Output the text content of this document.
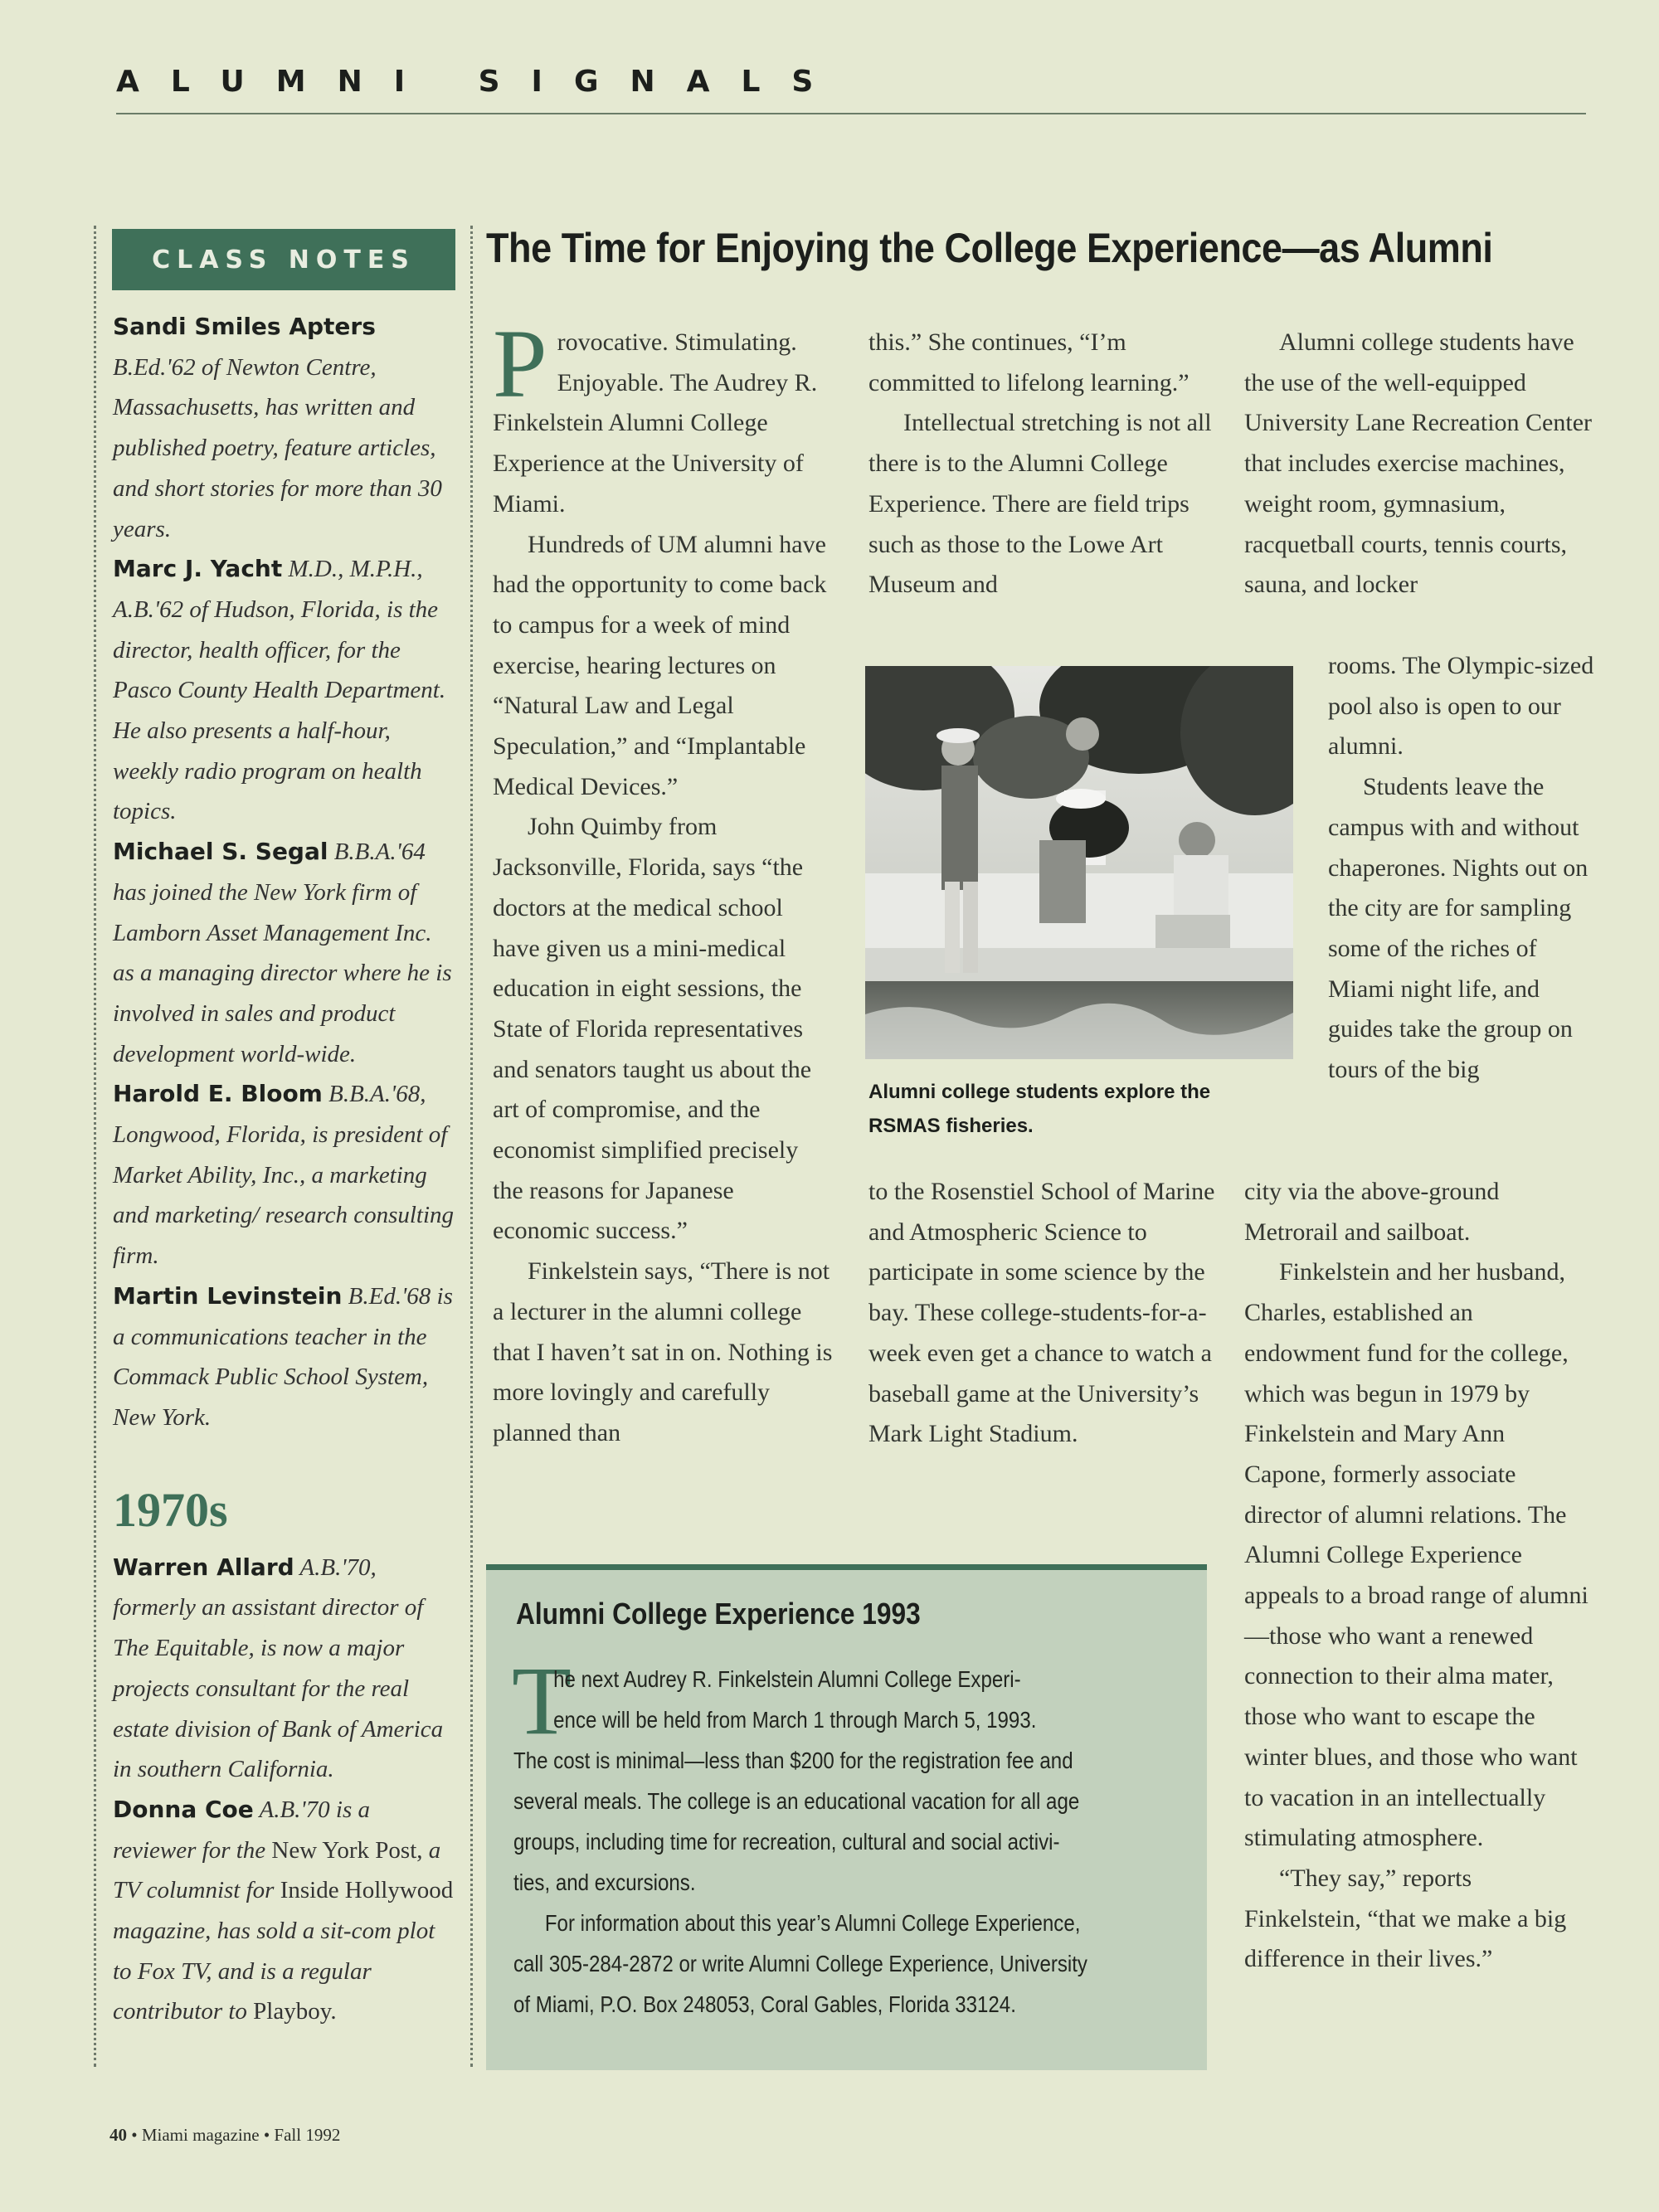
ALUMNI SIGNALS
CLASS NOTES
Sandi Smiles Apters
B.Ed.'62 of Newton Centre, Massachusetts, has written and published poetry, feature articles, and short stories for more than 30 years.
Marc J. Yacht M.D., M.P.H., A.B.'62 of Hudson, Florida, is the director, health officer, for the Pasco County Health Department. He also presents a half-hour, weekly radio program on health topics.
Michael S. Segal B.B.A.'64 has joined the New York firm of Lamborn Asset Management Inc. as a managing director where he is involved in sales and product development world-wide.
Harold E. Bloom B.B.A.'68, Longwood, Florida, is president of Market Ability, Inc., a marketing and marketing/ research consulting firm.
Martin Levinstein B.Ed.'68 is a communications teacher in the Commack Public School System, New York.
1970s
Warren Allard A.B.'70, formerly an assistant director of The Equitable, is now a major projects consultant for the real estate division of Bank of America in southern California.
Donna Coe A.B.'70 is a reviewer for the New York Post, a TV columnist for Inside Hollywood magazine, has sold a sit-com plot to Fox TV, and is a regular contributor to Playboy.
The Time for Enjoying the College Experience—as Alumni

Provocative. Stimulating. Enjoyable. The Audrey R. Finkelstein Alumni College Experience at the University of Miami.

Hundreds of UM alumni have had the opportunity to come back to campus for a week of mind exercise, hearing lectures on “Natural Law and Legal Speculation,” and “Implantable Medical Devices.”

John Quimby from Jacksonville, Florida, says “the doctors at the medical school have given us a mini-medical education in eight sessions, the State of Florida representatives and senators taught us about the art of compromise, and the economist simplified precisely the reasons for Japanese economic success.”

Finkelstein says, “There is not a lecturer in the alumni college that I haven’t sat in on. Nothing is more lovingly and carefully planned than

this.” She continues, “I’m committed to lifelong learning.”

Intellectual stretching is not all there is to the Alumni College Experience. There are field trips such as those to the Lowe Art Museum and

Alumni college students explore the RSMAS fisheries.

to the Rosenstiel School of Marine and Atmospheric Science to participate in some science by the bay. These college-students-for-a-week even get a chance to watch a baseball game at the University’s Mark Light Stadium.

Alumni college students have the use of the well-equipped University Lane Recreation Center that includes exercise machines, weight room, gymnasium, racquetball courts, tennis courts, sauna, and locker

rooms. The Olympic-sized pool also is open to our alumni.

Students leave the campus with and without chaperones. Nights out on the city are for sampling some of the riches of Miami night life, and guides take the group on tours of the big

city via the above-ground Metrorail and sailboat.

Finkelstein and her husband, Charles, established an endowment fund for the college, which was begun in 1979 by Finkelstein and Mary Ann Capone, formerly associate director of alumni relations. The Alumni College Experience appeals to a broad range of alumni—those who want a renewed connection to their alma mater, those who want to escape the winter blues, and those who want to vacation in an intellectually stimulating atmosphere.

“They say,” reports Finkelstein, “that we make a big difference in their lives.”

Alumni College Experience 1993
T
he next Audrey R. Finkelstein Alumni College Experi-
ence will be held from March 1 through March 5, 1993.
The cost is minimal—less than $200 for the registration fee and
several meals. The college is an educational vacation for all age
groups, including time for recreation, cultural and social activi-
ties, and excursions.
For information about this year’s Alumni College Experience,
call 305-284-2872 or write Alumni College Experience, University
of Miami, P.O. Box 248053, Coral Gables, Florida 33124.
40 • Miami magazine • Fall 1992
